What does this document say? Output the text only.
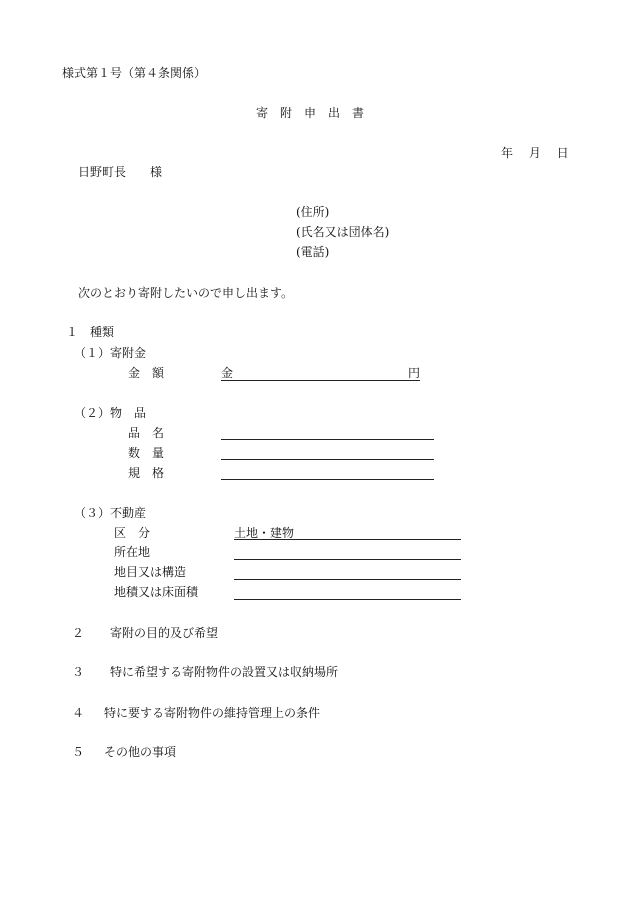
様式第１号（第４条関係）
寄　附　申　出　書
年　 月　 日
日野町長　　様
(住所)
(氏名又は団体名)
(電話)
次のとおり寄附したいので申し出ます。
１　種類
（１）寄附金
金　額	金	円
（２）物　品
品　名
数　量
規　格
（３）不動産
区　分	土地・建物
所在地
地目又は構造
地積又は床面積
２ 寄附の目的及び希望
３ 特に希望する寄附物件の設置又は収納場所
４ 特に要する寄附物件の維持管理上の条件
５ その他の事項
